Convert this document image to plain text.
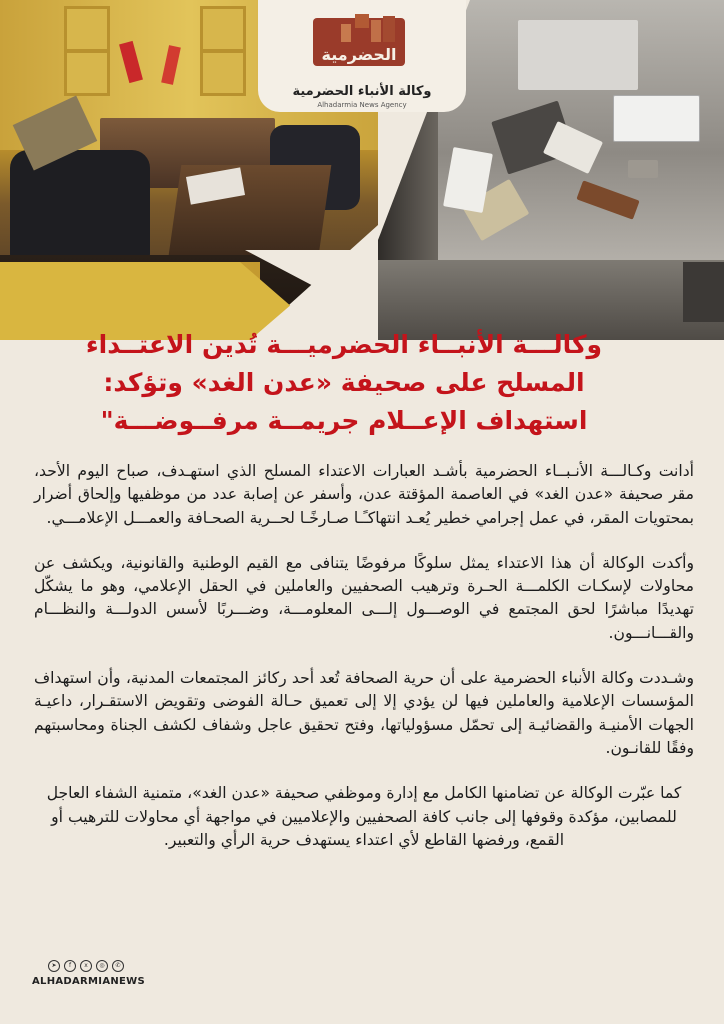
الحضرمية
وكالة الأنباء الحضرمية
Alhadarmia News Agency
وكالـــة الأنبــاء الحضرميـــة تُدين الاعتــداء
المسلح على صحيفة «عدن الغد» وتؤكد:
استهداف الإعــلام جريمــة مرفــوضـــة"

أدانت وكـالـــة الأنـبــاء الحضرمية بأشـد العبارات الاعتداء المسلح الذي استهـدف، صباح اليوم الأحد، مقر صحيفة «عدن الغد» في العاصمة المؤقتة عدن، وأسفر عن إصابة عدد من موظفيها وإلحاق أضرار بمحتويات المقر، في عمل إجرامي خطير يُعـد انتهاكـًـا صـارخًـا لحــرية الصحـافة والعمـــل الإعلامـــي.

وأكدت الوكالة أن هذا الاعتداء يمثل سلوكًا مرفوضًا يتنافى مع القيم الوطنية والقانونية، ويكشف عن محاولات لإسكـات الكلمـــة الحـرة وترهيب الصحفيين والعاملين في الحقل الإعلامي، وهو ما يشكّل تهديدًا مباشرًا لحق المجتمع في الوصـــول إلـــى المعلومـــة، وضـــربًا لأسس الدولـــة والنظـــام والقـــانـــون.

وشـددت وكالة الأنباء الحضرمية على أن حرية الصحافة تُعد أحد ركائز المجتمعات المدنية، وأن استهداف المؤسسات الإعلامية والعاملين فيها لن يؤدي إلا إلى تعميق حـالة الفوضى وتقويض الاستقـرار، داعيـة الجهات الأمنيـة والقضائيـة إلى تحمّل مسؤولياتها، وفتح تحقيق عاجل وشفاف لكشف الجناة ومحاسبتهم وفقًا للقانـون.

كما عبّرت الوكالة عن تضامنها الكامل مع إدارة وموظفي صحيفة «عدن الغد»، متمنية الشفاء العاجل للمصابين، مؤكدة وقوفها إلى جانب كافة الصحفيين والإعلاميين في مواجهة أي محاولات للترهيب أو القمع، ورفضها القاطع لأي اعتداء يستهدف حرية الرأي والتعبير.

➤	f	x	◎	✆
ALHADARMIANEWS
